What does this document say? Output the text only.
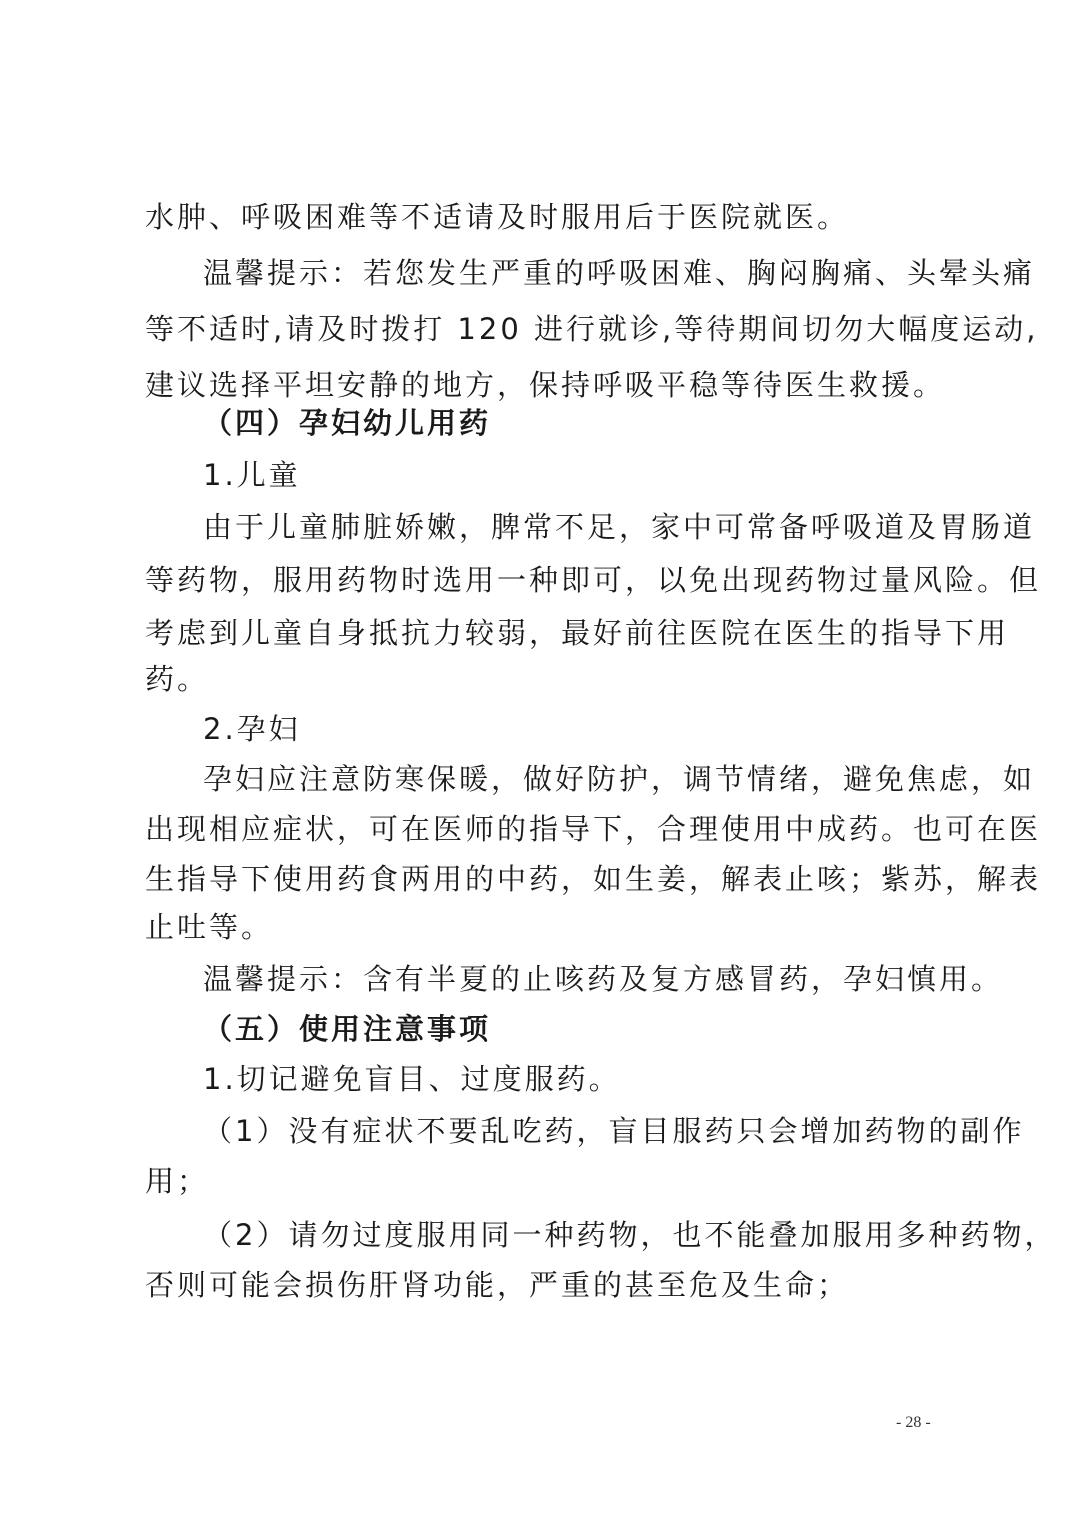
水肿、呼吸困难等不适请及时服用后于医院就医。
温馨提示：若您发生严重的呼吸困难、胸闷胸痛、头晕头痛
等不适时,请及时拨打 120 进行就诊,等待期间切勿大幅度运动,
建议选择平坦安静的地方，保持呼吸平稳等待医生救援。
（四）孕妇幼儿用药
1.儿童
由于儿童肺脏娇嫩，脾常不足，家中可常备呼吸道及胃肠道
等药物，服用药物时选用一种即可，以免出现药物过量风险。但
考虑到儿童自身抵抗力较弱，最好前往医院在医生的指导下用
药。
2.孕妇
孕妇应注意防寒保暖，做好防护，调节情绪，避免焦虑，如
出现相应症状，可在医师的指导下，合理使用中成药。也可在医
生指导下使用药食两用的中药，如生姜，解表止咳；紫苏，解表
止吐等。
温馨提示：含有半夏的止咳药及复方感冒药，孕妇慎用。
（五）使用注意事项
1.切记避免盲目、过度服药。
（1）没有症状不要乱吃药，盲目服药只会增加药物的副作
用；
（2）请勿过度服用同一种药物，也不能叠加服用多种药物，
否则可能会损伤肝肾功能，严重的甚至危及生命；
- 28 -
